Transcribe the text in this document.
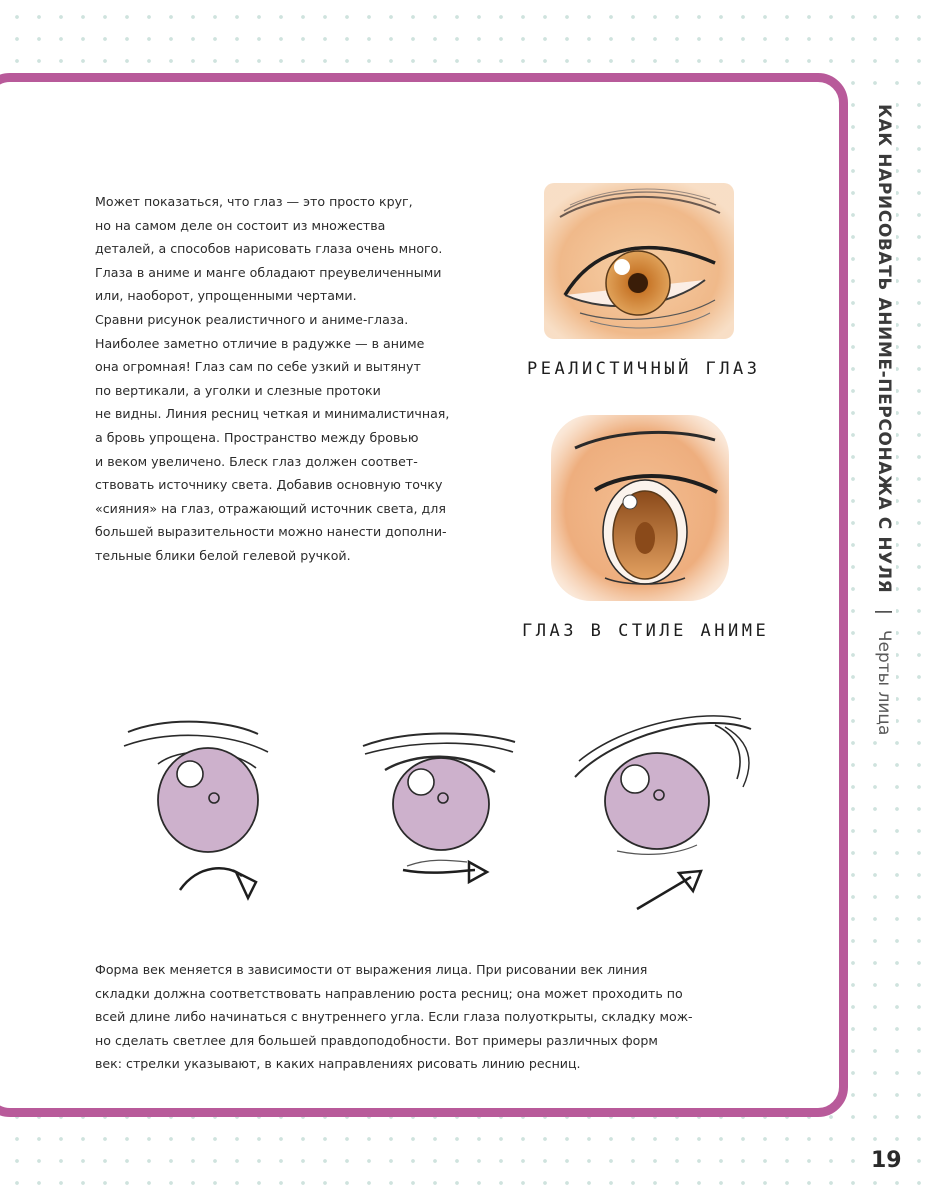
Может показаться, что глаз — это просто круг,
но на самом деле он состоит из множества
деталей, а способов нарисовать глаза очень много.
Глаза в аниме и манге обладают преувеличенными
или, наоборот, упрощенными чертами.
Сравни рисунок реалистичного и аниме-глаза.
Наиболее заметно отличие в радужке — в аниме
она огромная! Глаз сам по себе узкий и вытянут
по вертикали, а уголки и слезные протоки
не видны. Линия ресниц четкая и минималистичная,
а бровь упрощена. Пространство между бровью
и веком увеличено. Блеск глаз должен соответ-
ствовать источнику света. Добавив основную точку
«сияния» на глаз, отражающий источник света, для
большей выразительности можно нанести дополни-
тельные блики белой гелевой ручкой.
РЕАЛИСТИЧНЫЙ ГЛАЗ
ГЛАЗ В СТИЛЕ АНИМЕ
Форма век меняется в зависимости от выражения лица. При рисовании век линия
складки должна соответствовать направлению роста ресниц; она может проходить по
всей длине либо начинаться с внутреннего угла. Если глаза полуоткрыты, складку мож-
но сделать светлее для большей правдоподобности. Вот примеры различных форм
век: стрелки указывают, в каких направлениях рисовать линию ресниц.
КАК НАРИСОВАТЬ АНИМЕ-ПЕРСОНАЖА С НУЛЯ | Черты лица
19
